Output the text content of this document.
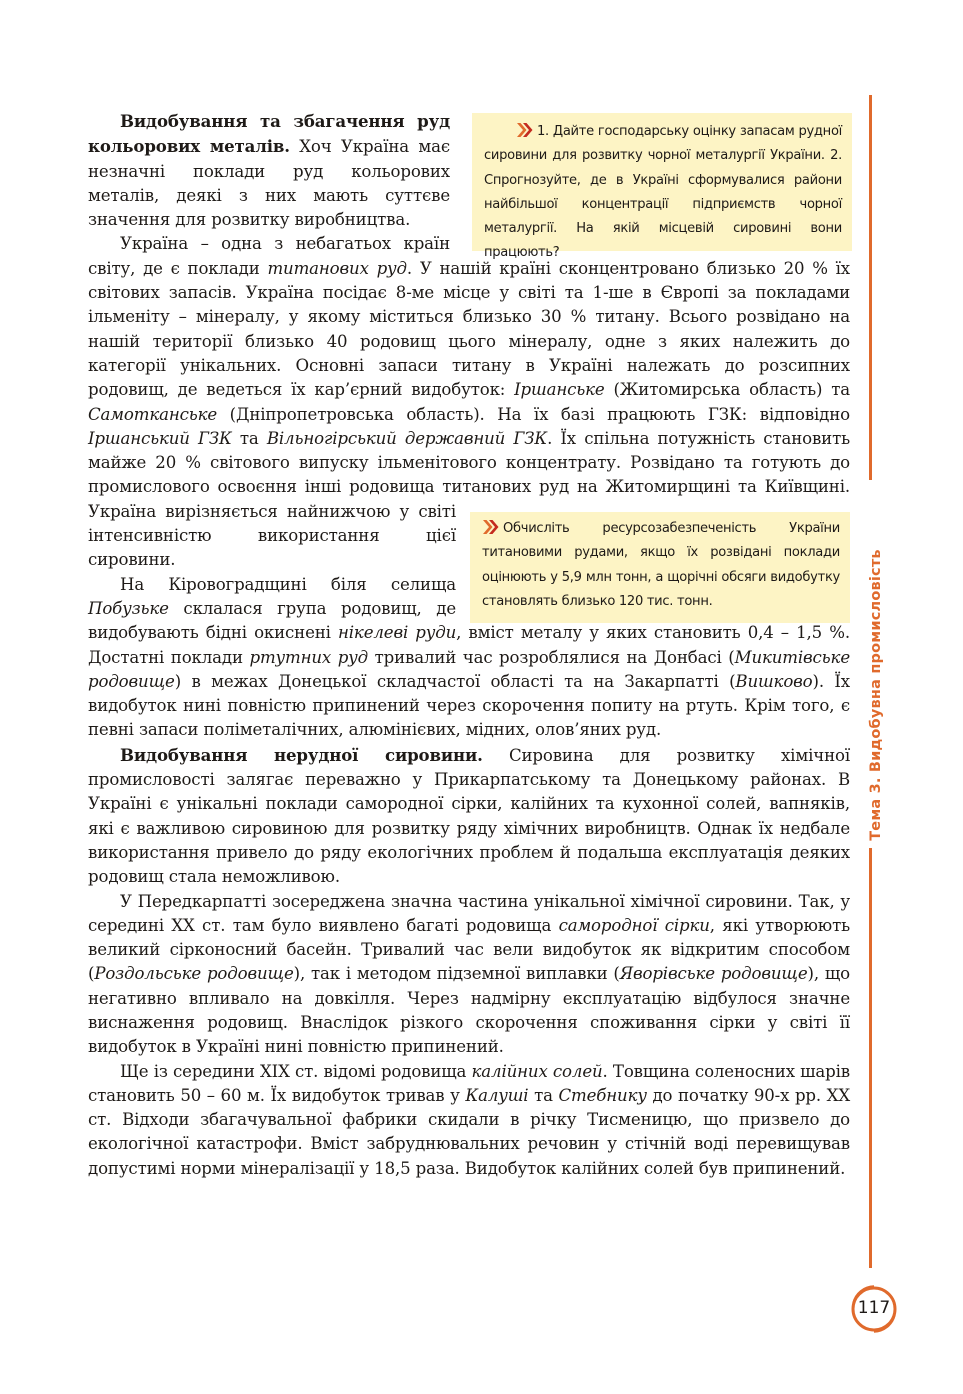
1. Дайте господарську оцінку запасам рудної сировини для розвитку чорної металургії України. 2. Спрогнозуйте, де в Україні сформувалися райони найбільшої концентрації підприємств чорної металургії. На якій місцевій сировині вони працюють?
Видобування та збагачення руд кольорових металів. Хоч Україна має незначні поклади руд кольорових металів, деякі з них мають суттєве значення для розвитку виробництва.

Україна – одна з небагатьох країн світу, де є поклади титанових руд. У нашій країні сконцентровано близько 20 % їх світових запасів. Україна посідає 8-ме місце у світі та 1-ше в Європі за покладами ільменіту – мінералу, у якому міститься близько 30 % титану. Всього розвідано на нашій території близько 40 родовищ цього мінералу, одне з яких належить до категорії унікальних. Основні запаси титану в Україні належать до розсипних родовищ, де ведеться їх кар’єрний видобуток: Іршанське (Житомирська область) та Самотканське (Дніпропетровська область). На їх базі працюють ГЗК: відповідно Іршанський ГЗК та Вільногірський державний ГЗК. Їх спільна потужність становить майже 20 % світового випуску ільменітового концентрату. Розвідано та готують до промислового освоєння інші родовища титанових руд на Житомирщині та Київщині. Україна вирізняється найнижчою у світі інтенсивністю використання цієї сировини.

На Кіровоградщині біля селища Побузьке склалася група родовищ, де видобувають бідні окиснені нікелеві руди, вміст металу у яких становить 0,4 – 1,5 %. Достатні поклади ртутних руд тривалий час розроблялися на Донбасі (Микитівське родовище) в межах Донецької складчастої області та на Закарпатті (Вишково). Їх видобуток нині повністю припинений через скорочення попиту на ртуть. Крім того, є певні запаси поліметалічних, алюмінієвих, мідних, олов’яних руд.

Видобування нерудної сировини. Сировина для розвитку хімічної промисловості залягає переважно у Прикарпатському та Донецькому районах. В Україні є унікальні поклади самородної сірки, калійних та кухонної солей, вапняків, які є важливою сировиною для розвитку ряду хімічних виробництв. Однак їх недбале використання привело до ряду екологічних проблем й подальша експлуатація деяких родовищ стала неможливою.

У Передкарпатті зосереджена значна частина унікальної хімічної сировини. Так, у середині ХХ ст. там було виявлено багаті родовища самородної сірки, які утворюють великий сірконосний басейн. Тривалий час вели видобуток як відкритим способом (Роздольське родовище), так і методом підземної виплавки (Яворівське родовище), що негативно впливало на довкілля. Через надмірну експлуатацію відбулося значне виснаження родовищ. Внаслідок різкого скорочення споживання сірки у світі її видобуток в Україні нині повністю припинений.

Ще із середини ХІХ ст. відомі родовища калійних солей. Товщина соленосних шарів становить 50 – 60 м. Їх видобуток тривав у Калуші та Стебнику до початку 90-х рр. ХХ ст. Відходи збагачувальної фабрики скидали в річку Тисменицю, що призвело до екологічної катастрофи. Вміст забруднювальних речовин у стічній воді перевищував допустимі норми мінералізації у 18,5 раза. Видобуток калійних солей був припинений.

Обчисліть ресурсозабезпеченість України титановими рудами, якщо їх розвідані поклади оцінюють у 5,9 млн тонн, а щорічні обсяги видобутку становлять близько 120 тис. тонн.	Тема 3. Видобувна промисловість
117
